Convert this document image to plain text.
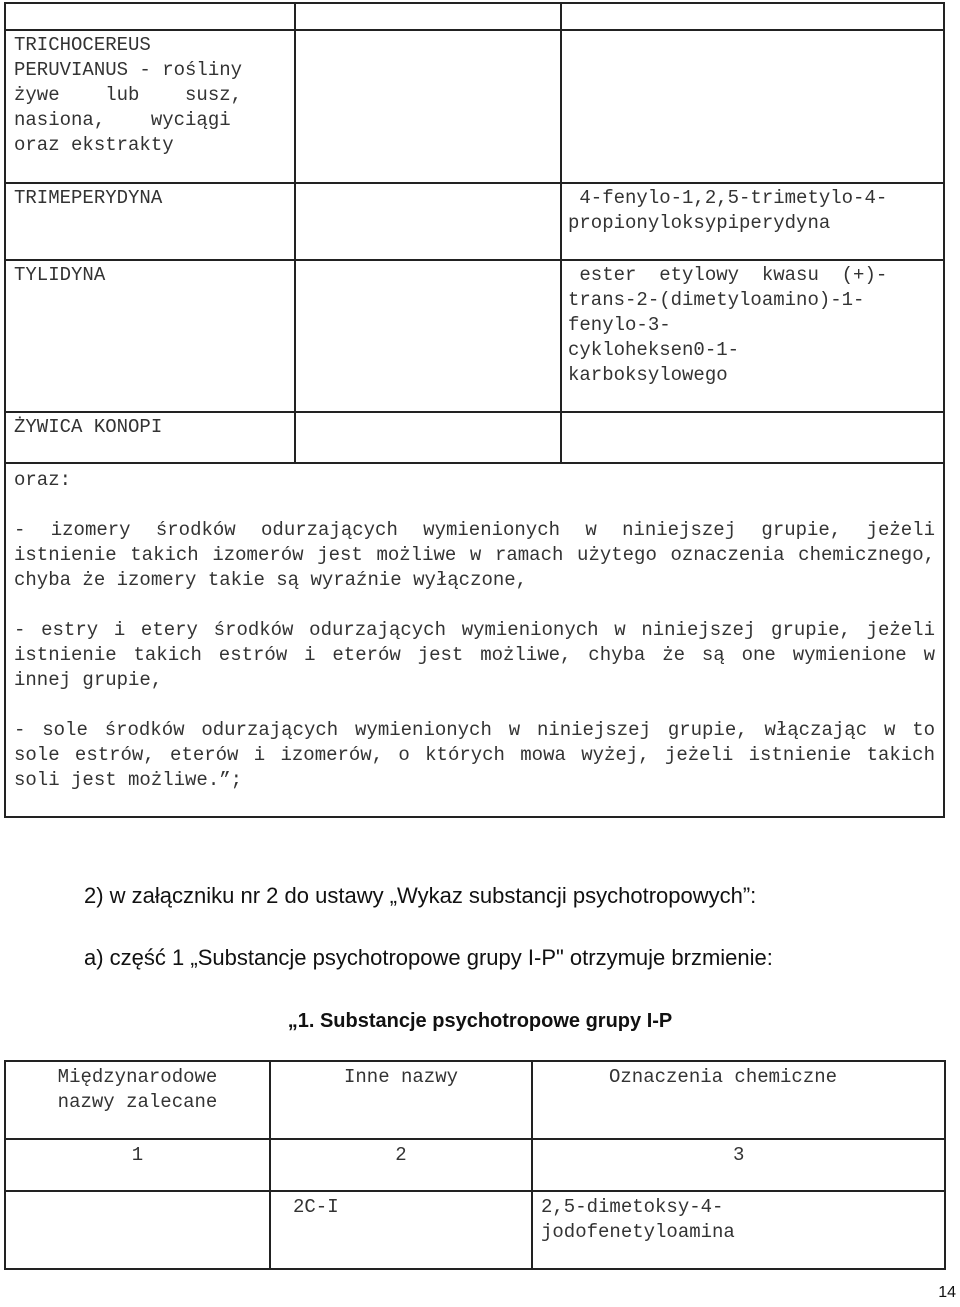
TRICHOCEREUS
PERUVIANUS - rośliny
żywe    lub    susz,
nasiona,    wyciągi
oraz ekstrakty		
TRIMEPERYDYNA		4-fenylo-1,2,5-trimetylo-4-
propionyloksypiperydyna
TYLIDYNA		ester  etylowy  kwasu  (+)-
trans-2-(dimetyloamino)-1-
fenylo-3-
cykloheksen0-1-
karboksylowego
ŻYWICA KONOPI		

oraz:

- izomery środków odurzających wymienionych w niniejszej grupie, jeżeli istnienie takich izomerów jest możliwe w ramach użytego oznaczenia chemicznego, chyba że izomery takie są wyraźnie wyłączone,

- estry i etery środków odurzających wymienionych w niniejszej grupie, jeżeli istnienie takich estrów i eterów jest możliwe, chyba że są one wymienione w innej grupie,

- sole środków odurzających wymienionych w niniejszej grupie, włączając w to sole estrów, eterów i izomerów, o których mowa wyżej, jeżeli istnienie takich soli jest możliwe.”;		

2) w załączniku nr 2 do ustawy „Wykaz substancji psychotropowych”:
a) część 1 „Substancje psychotropowe grupy I-P" otrzymuje brzmienie:
„1. Substancje psychotropowe grupy I-P
Międzynarodowe
nazwy zalecane	Inne nazwy	Oznaczenia chemiczne
1	2	3
	2C-I	2,5-dimetoksy-4-
jodofenetyloamina
14
